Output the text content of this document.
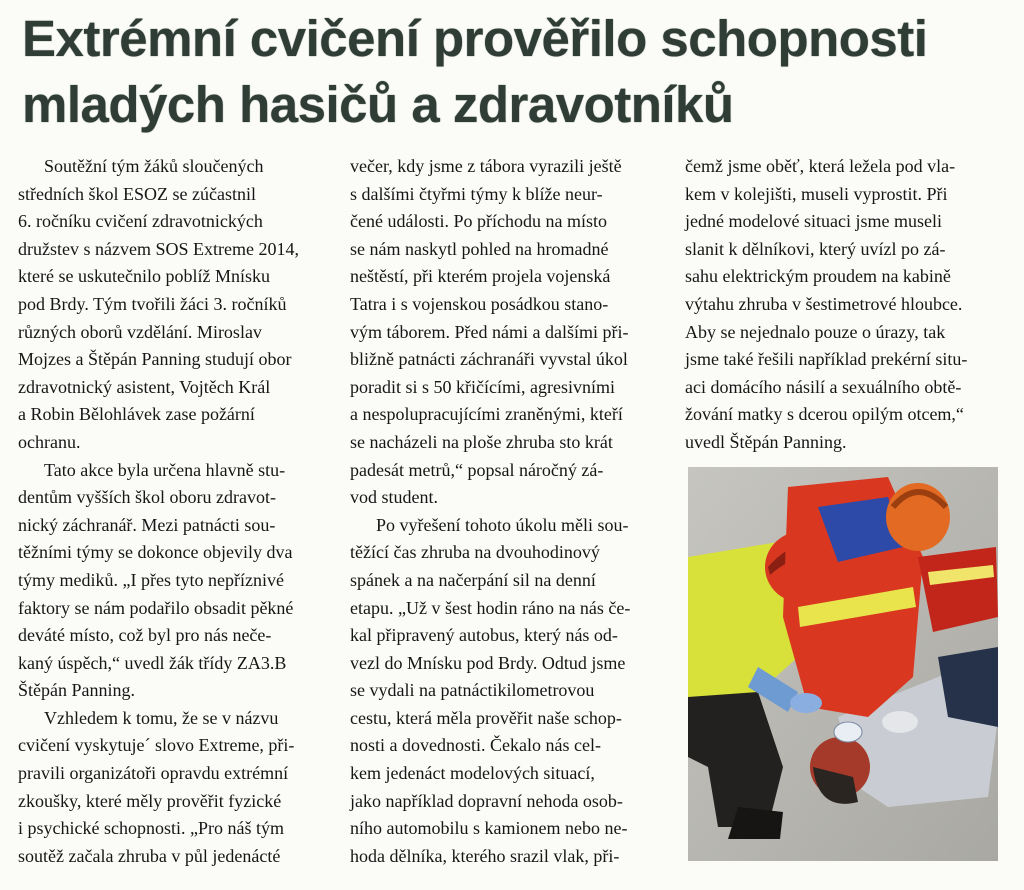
Extrémní cvičení prověřilo schopnosti
mladých hasičů a zdravotníků
Soutěžní tým žáků sloučených
středních škol ESOZ se zúčastnil
6. ročníku cvičení zdravotnických
družstev s názvem SOS Extreme 2014,
které se uskutečnilo poblíž Mnísku
pod Brdy. Tým tvořili žáci 3. ročníků
různých oborů vzdělání. Miroslav
Mojzes a Štěpán Panning studují obor
zdravotnický asistent, Vojtěch Král
a Robin Bělohlávek zase požární
ochranu.
Tato akce byla určena hlavně stu-
dentům vyšších škol oboru zdravot-
nický záchranář. Mezi patnácti sou-
těžními týmy se dokonce objevily dva
týmy mediků. „I přes tyto nepříznivé
faktory se nám podařilo obsadit pěkné
deváté místo, což byl pro nás neče-
kaný úspěch,“ uvedl žák třídy ZA3.B
Štěpán Panning.
Vzhledem k tomu, že se v názvu
cvičení vyskytuje´ slovo Extreme, při-
pravili organizátoři opravdu extrémní
zkoušky, které měly prověřit fyzické
i psychické schopnosti. „Pro náš tým
soutěž začala zhruba v půl jedenácté
večer, kdy jsme z tábora vyrazili ještě
s dalšími čtyřmi týmy k blíže neur-
čené události. Po příchodu na místo
se nám naskytl pohled na hromadné
neštěstí, při kterém projela vojenská
Tatra i s vojenskou posádkou stano-
vým táborem. Před námi a dalšími při-
bližně patnácti záchranáři vyvstal úkol
poradit si s 50 křičícími, agresivními
a nespolupracujícími zraněnými, kteří
se nacházeli na ploše zhruba sto krát
padesát metrů,“ popsal náročný zá-
vod student.
Po vyřešení tohoto úkolu měli sou-
těžící čas zhruba na dvouhodinový
spánek a na načerpání sil na denní
etapu. „Už v šest hodin ráno na nás če-
kal připravený autobus, který nás od-
vezl do Mnísku pod Brdy. Odtud jsme
se vydali na patnáctikilometrovou
cestu, která měla prověřit naše schop-
nosti a dovednosti. Čekalo nás cel-
kem jedenáct modelových situací,
jako například dopravní nehoda osob-
ního automobilu s kamionem nebo ne-
hoda dělníka, kterého srazil vlak, při-
čemž jsme oběť, která ležela pod vla-
kem v kolejišti, museli vyprostit. Při
jedné modelové situaci jsme museli
slanit k dělníkovi, který uvízl po zá-
sahu elektrickým proudem na kabině
výtahu zhruba v šestimetrové hloubce.
Aby se nejednalo pouze o úrazy, tak
jsme také řešili například prekérní situ-
aci domácího násilí a sexuálního obtě-
žování matky s dcerou opilým otcem,“
uvedl Štěpán Panning.
